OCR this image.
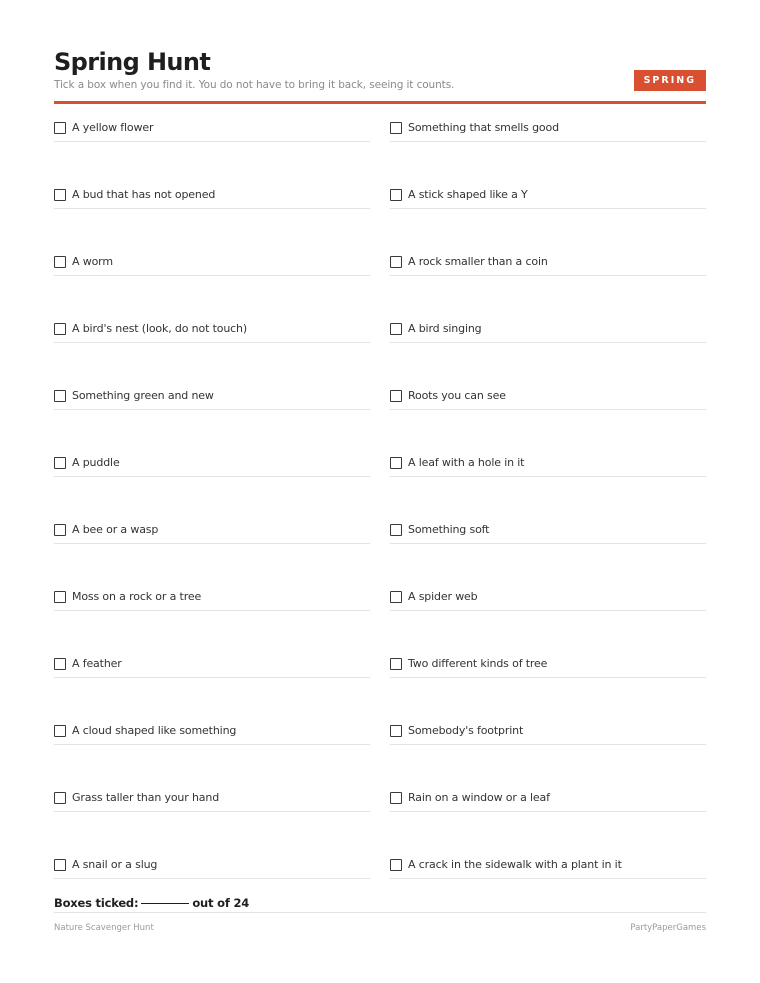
Spring Hunt
Tick a box when you find it. You do not have to bring it back, seeing it counts.	SPRING
A yellow flower	Something that smells good
A bud that has not opened	A stick shaped like a Y
A worm	A rock smaller than a coin
A bird's nest (look, do not touch)	A bird singing
Something green and new	Roots you can see
A puddle	A leaf with a hole in it
A bee or a wasp	Something soft
Moss on a rock or a tree	A spider web
A feather	Two different kinds of tree
A cloud shaped like something	Somebody's footprint
Grass taller than your hand	Rain on a window or a leaf
A snail or a slug	A crack in the sidewalk with a plant in it
Boxes ticked:	out of 24
Nature Scavenger Hunt	PartyPaperGames
